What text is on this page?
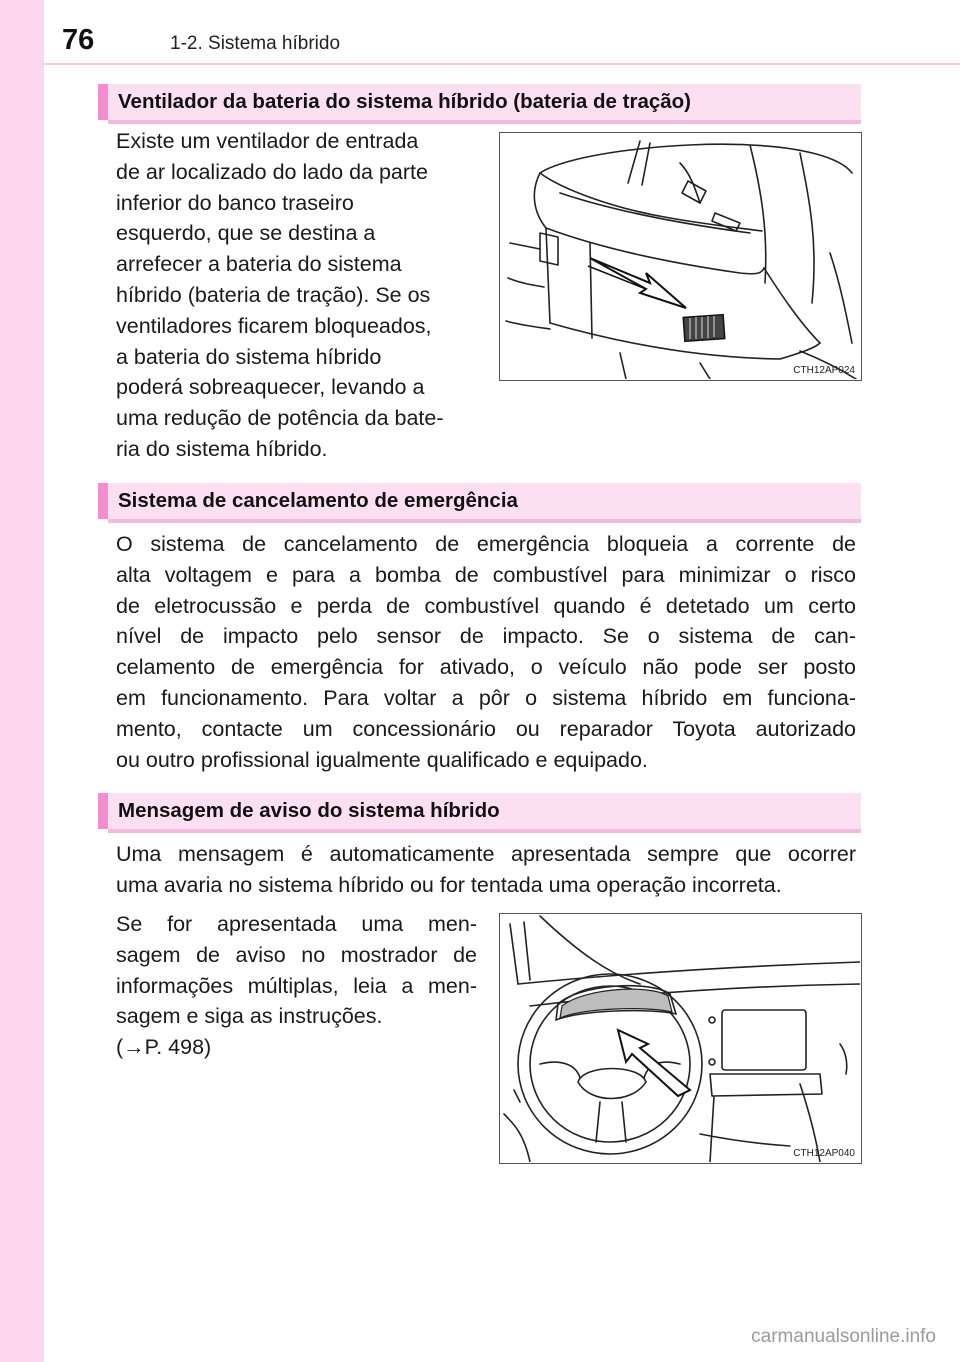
76	1-2. Sistema híbrido
Ventilador da bateria do sistema híbrido (bateria de tração)
Existe um ventilador de entrada
de ar localizado do lado da parte
inferior do banco traseiro
esquerdo, que se destina a
arrefecer a bateria do sistema
híbrido (bateria de tração). Se os
ventiladores ficarem bloqueados,
a bateria do sistema híbrido
poderá sobreaquecer, levando a
uma redução de potência da bate-
ria do sistema híbrido.
CTH12AP024
Sistema de cancelamento de emergência
O sistema de cancelamento de emergência bloqueia a corrente de
alta voltagem e para a bomba de combustível para minimizar o risco
de eletrocussão e perda de combustível quando é detetado um certo
nível de impacto pelo sensor de impacto. Se o sistema de can-
celamento de emergência for ativado, o veículo não pode ser posto
em funcionamento. Para voltar a pôr o sistema híbrido em funciona-
mento, contacte um concessionário ou reparador Toyota autorizado
ou outro profissional igualmente qualificado e equipado.
Mensagem de aviso do sistema híbrido
Uma mensagem é automaticamente apresentada sempre que ocorrer
uma avaria no sistema híbrido ou for tentada uma operação incorreta.
Se for apresentada uma men-
sagem de aviso no mostrador de
informações múltiplas, leia a men-
sagem e siga as instruções.
(→P. 498)
CTH12AP040
carmanualsonline.info
